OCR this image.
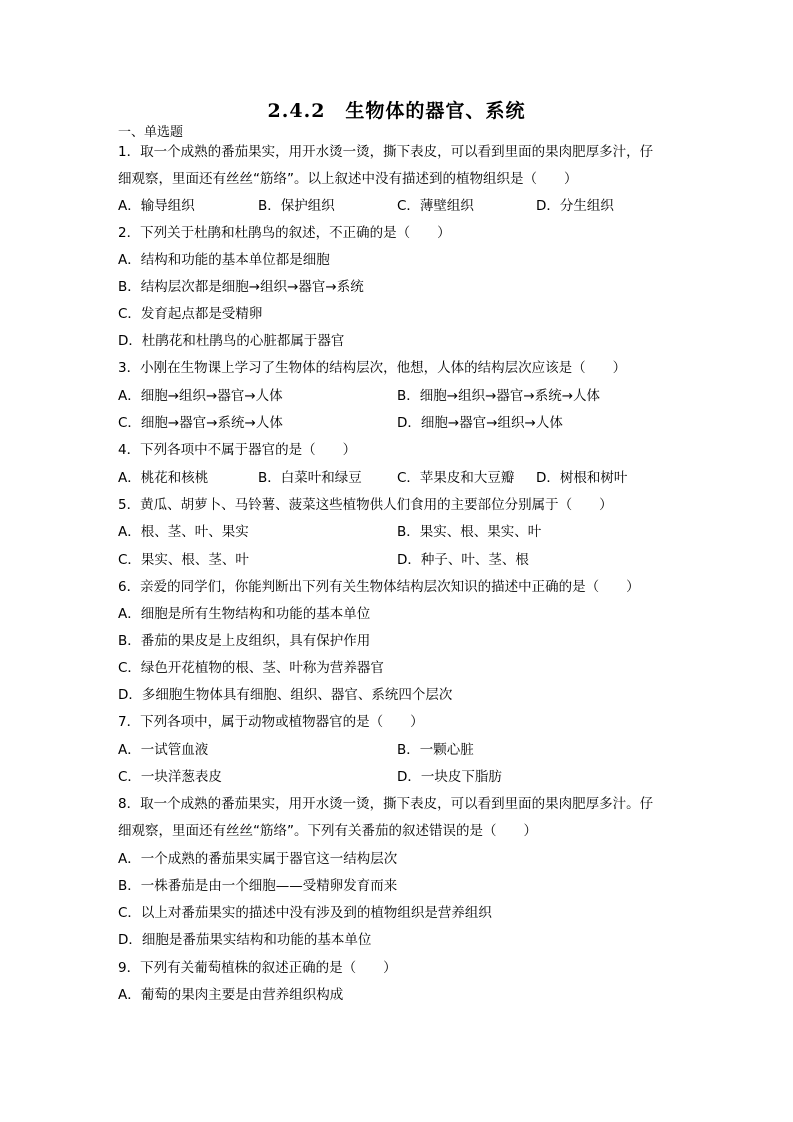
2.4.2　生物体的器官、系统
一、单选题
1．取一个成熟的番茄果实，用开水烫一烫，撕下表皮，可以看到里面的果肉肥厚多汁，仔
细观察，里面还有丝丝“筋络”。以上叙述中没有描述到的植物组织是（　　）
A．输导组织	B．保护组织	C．薄壁组织	D．分生组织
2．下列关于杜鹃和杜鹃鸟的叙述，不正确的是（　　）
A．结构和功能的基本单位都是细胞
B．结构层次都是细胞→组织→器官→系统
C．发育起点都是受精卵
D．杜鹃花和杜鹃鸟的心脏都属于器官
3．小刚在生物课上学习了生物体的结构层次，他想，人体的结构层次应该是（　　）
A．细胞→组织→器官→人体	B．细胞→组织→器官→系统→人体
C．细胞→器官→系统→人体	D．细胞→器官→组织→人体
4．下列各项中不属于器官的是（　　）
A．桃花和核桃	B．白菜叶和绿豆	C．苹果皮和大豆瓣 D．树根和树叶
5．黄瓜、胡萝卜、马铃薯、菠菜这些植物供人们食用的主要部位分别属于（　　）
A．根、茎、叶、果实	B．果实、根、果实、叶
C．果实、根、茎、叶	D．种子、叶、茎、根
6．亲爱的同学们，你能判断出下列有关生物体结构层次知识的描述中正确的是（　　）
A．细胞是所有生物结构和功能的基本单位
B．番茄的果皮是上皮组织，具有保护作用
C．绿色开花植物的根、茎、叶称为营养器官
D．多细胞生物体具有细胞、组织、器官、系统四个层次
7．下列各项中，属于动物或植物器官的是（　　）
A．一试管血液	B．一颗心脏
C．一块洋葱表皮	D．一块皮下脂肪
8．取一个成熟的番茄果实，用开水烫一烫，撕下表皮，可以看到里面的果肉肥厚多汁。仔
细观察，里面还有丝丝“筋络”。下列有关番茄的叙述错误的是（　　）
A．一个成熟的番茄果实属于器官这一结构层次
B．一株番茄是由一个细胞——受精卵发育而来
C．以上对番茄果实的描述中没有涉及到的植物组织是营养组织
D．细胞是番茄果实结构和功能的基本单位
9．下列有关葡萄植株的叙述正确的是（　　）
A．葡萄的果肉主要是由营养组织构成
